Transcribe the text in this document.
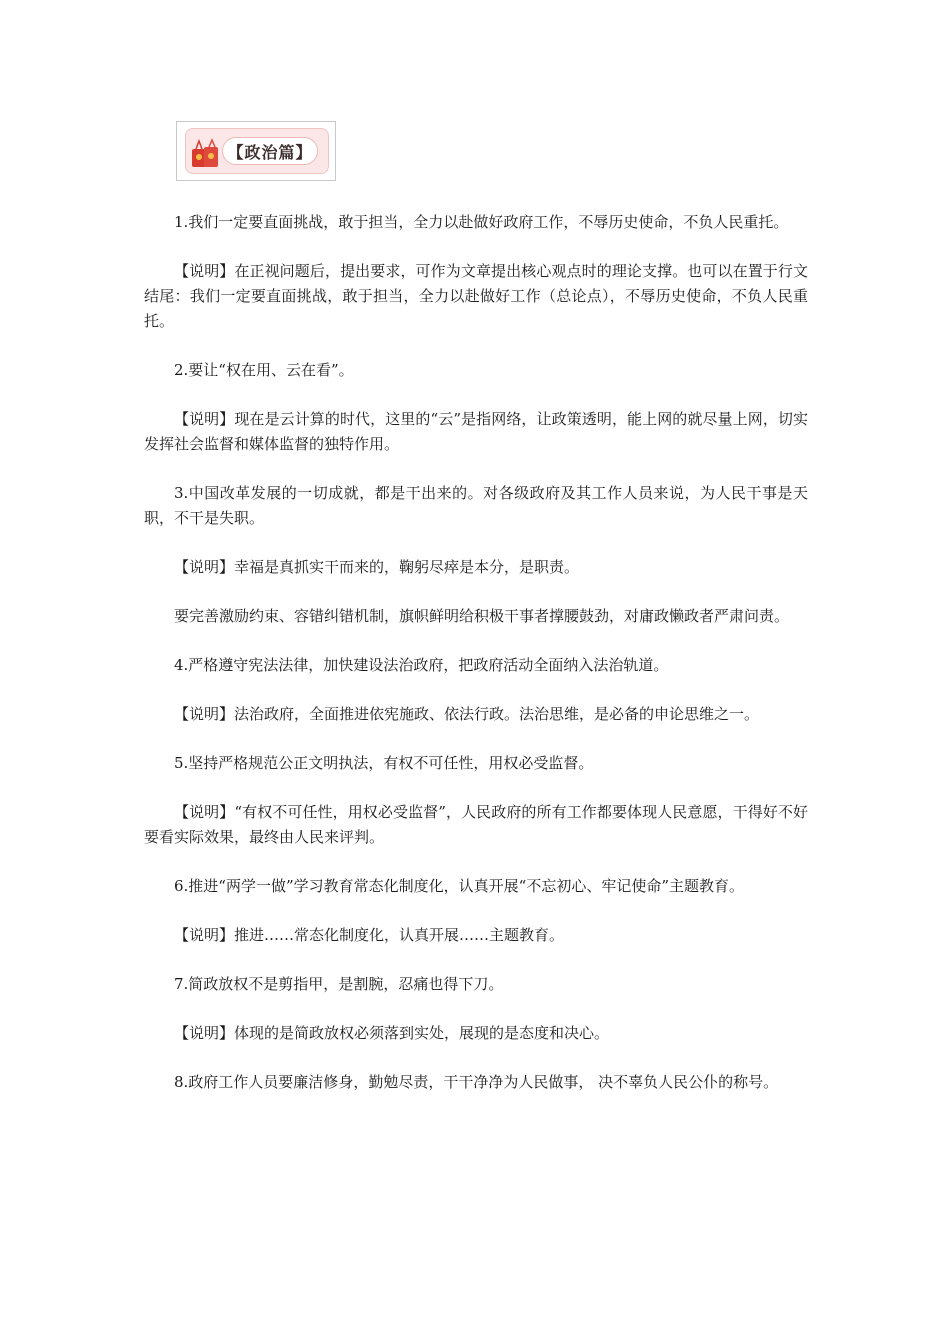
【政治篇】

1.我们一定要直面挑战，敢于担当，全力以赴做好政府工作，不辱历史使命，不负人民重托。

【说明】在正视问题后，提出要求，可作为文章提出核心观点时的理论支撑。也可以在置于行文结尾：我们一定要直面挑战，敢于担当，全力以赴做好工作（总论点），不辱历史使命，不负人民重托。

2.要让“权在用、云在看”。

【说明】现在是云计算的时代，这里的“云”是指网络，让政策透明，能上网的就尽量上网，切实发挥社会监督和媒体监督的独特作用。

3.中国改革发展的一切成就，都是干出来的。对各级政府及其工作人员来说，为人民干事是天职，不干是失职。

【说明】幸福是真抓实干而来的，鞠躬尽瘁是本分，是职责。

要完善激励约束、容错纠错机制，旗帜鲜明给积极干事者撑腰鼓劲，对庸政懒政者严肃问责。

4.严格遵守宪法法律，加快建设法治政府，把政府活动全面纳入法治轨道。

【说明】法治政府，全面推进依宪施政、依法行政。法治思维，是必备的申论思维之一。

5.坚持严格规范公正文明执法，有权不可任性，用权必受监督。

【说明】“有权不可任性，用权必受监督”，人民政府的所有工作都要体现人民意愿，干得好不好要看实际效果，最终由人民来评判。

6.推进“两学一做”学习教育常态化制度化，认真开展“不忘初心、牢记使命”主题教育。

【说明】推进……常态化制度化，认真开展……主题教育。

7.简政放权不是剪指甲，是割腕，忍痛也得下刀。

【说明】体现的是简政放权必须落到实处，展现的是态度和决心。

8.政府工作人员要廉洁修身，勤勉尽责，干干净净为人民做事， 决不辜负人民公仆的称号。
